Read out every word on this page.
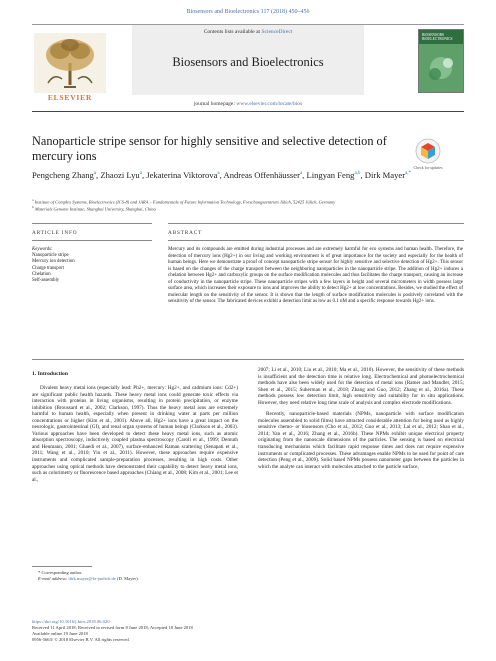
Biosensors and Bioelectronics 117 (2018) 450–456
ELSEVIER
Contents lists available at ScienceDirect
Biosensors and Bioelectronics
journal homepage: www.elsevier.com/locate/bios
BIOSENSORS BIOELECTRONICS
Nanoparticle stripe sensor for highly sensitive and selective detection of mercury ions
Check for updates
Pengcheng Zhang$^a$, Zhaozi Lyu$^a$, Jekaterina Viktorova$^a$, Andreas Offenhäusser$^a$, Lingyan Feng$^{a,b}$, Dirk Mayer$^{a,*}$
$^a$ Institute of Complex Systems, Bioelectronics (ICS-8) and JARA – Fundamentals of Future Information Technology, Forschungszentrum Jülich, 52425 Jülich, Germany
$^b$ Materials Genome Institute, Shanghai University, Shanghai, China
ARTICLE INFO	ABSTRACT
Keywords:
Nanoparticle stripe
Mercury ion detection
Charge transport
Chelation
Self-assembly
Mercury and its compounds are emitted during industrial processes and are extremely harmful for eco systems and human health. Therefore, the detection of mercury ions (Hg2+) in our living and working environment is of great importance for the society and especially for the health of human beings. Here we demonstrate a proof of concept nanoparticle stripe sensor for highly sensitive and selective detection of Hg2+. This sensor is based on the changes of the charge transport between the neighboring nanoparticles in the nanoparticle stripe. The addition of Hg2+ induces a chelation between Hg2+ and carboxylic groups on the surface modification molecules and thus facilitates the charge transport, causing an increase of conductivity in the nanoparticle stripe. These nanoparticle stripes with a few layers in height and several micrometers in width possess large surface area, which increases their exposure to ions and improves the ability to detect Hg2+ at low concentrations. Besides, we studied the effect of molecular length on the sensitivity of the sensor. It is shown that the length of surface modification molecules is positively correlated with the sensitivity of the sensor. The fabricated devices exhibit a detection limit as low as 0.1 nM and a specific response towards Hg2+ ions.
1. Introduction

Divalent heavy metal ions (especially lead: Pb2+, mercury: Hg2+, and cadmium ions: Cd2+) are significant public health hazards. These heavy metal ions could generate toxic effects via interaction with proteins in living organisms, resulting in protein precipitation, or enzyme inhibition (Broussard et al., 2002; Clarkson, 1997). Thus the heavy metal ions are extremely harmful to human health, especially when present in drinking water at parts per million concentrations or higher (Kim et al., 2001). Above all, Hg2+ ions have a great impact on the neurologic, gastrointestinal (GI), and renal organ systems of human beings (Clarkson et al., 2003). Various approaches have been developed to detect these heavy metal ions, such as atomic absorption spectroscopy, inductively coupled plasma spectroscopy (Caroli et al., 1999; Demuth and Heumann, 2001; Ghaedi et al., 2007), surface-enhanced Raman scattering (Senapati et al., 2011; Wang et al., 2010; Yin et al., 2011). However, these approaches require expensive instruments and complicated sample-preparation processes, resulting in high costs. Other approaches using optical methods have demonstrated their capability to detect heavy metal ions, such as colorimetry or fluorescence based approaches (Chiang et al., 2008; Kim et al., 2001; Lee et al.,

2007; Li et al., 2010; Liu et al., 2010; Ma et al., 2010). However, the sensitivity of these methods is insufficient and the detection time is relative long. Electrochemical and photoelectrochemical methods have also been widely used for the detection of metal ions (Ratner and Mandler, 2015; Shen et al., 2015; Suherman et al., 2018; Zhang and Guo, 2012; Zhang et al., 2016a). These methods possess low detection limit, high sensitivity and suitability for in situ applications. However, they need relative long time scale of analysis and complex electrode modifications.

Recently, nanoparticle-based materials (NPMs, nanoparticle with surface modification molecules assembled to solid films) have attracted considerable attention for being used as highly sensitive chemo- or biosensors (Cho et al., 2012; Guo et al., 2013; Lai et al., 2012; Shao et al., 2014; Yan et al., 2016; Zhang et al., 2016b). These NPMs exhibit unique electrical property originating from the nanoscale dimensions of the particles. The sensing is based on electrical transducing mechanisms which facilitate rapid response times and does not require expensive instruments or complicated processes. These advantages enable NPMs to be used for point of care detection (Peng et al., 2009). Solid based NPMs possess nanometer gaps between the particles in which the analyte can interact with molecules attached to the particle surface,

* Corresponding author.
E-mail address: dirk.mayer@fz-juelich.de (D. Mayer).
https://doi.org/10.1016/j.bios.2018.06.020
Received 11 April 2018; Received in revised form 8 June 2018; Accepted 18 June 2018
Available online 19 June 2018
0956-5663/ © 2018 Elsevier B.V. All rights reserved.
